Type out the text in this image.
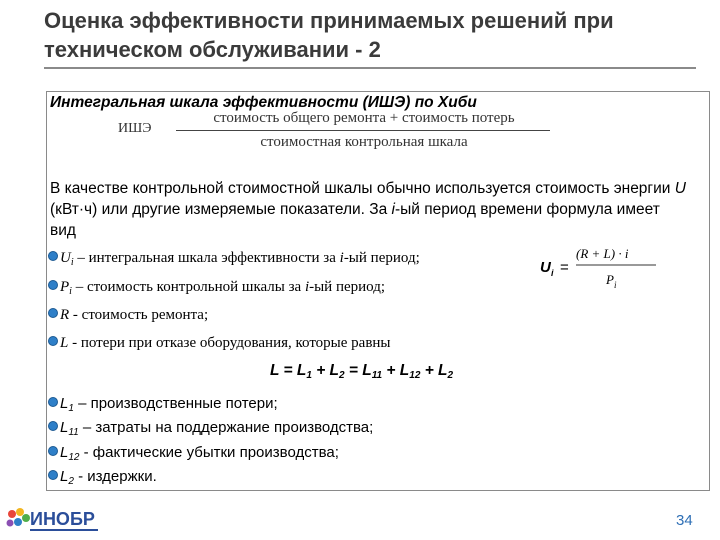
Оценка эффективности принимаемых решений при
техническом обслуживании - 2
Интегральная шкала эффективности (ИШЭ) по Хиби
ИШЭ
стоимость общего ремонта + стоимость потерь
стоимостная контрольная шкала
В качестве контрольной стоимостной шкалы обычно используется стоимость энергии U (кВт·ч) или другие измеряемые показатели. За i-ый период времени формула имеет вид
$U_i$ – интегральная шкала эффективности за i-ый период;
$P_i$ – стоимость контрольной шкалы за i-ый период;
R - стоимость ремонта;
L - потери при отказе оборудования, которые равны
U i =
(R + L) · i
P i
L = L1 + L2 = L11 + L12 + L2
$L_1$ – производственные потери;
$L_{11}$ – затраты на поддержание производства;
$L_{12}$ - фактические убытки производства;
$L_2$ - издержки.
ИНОБР	34
